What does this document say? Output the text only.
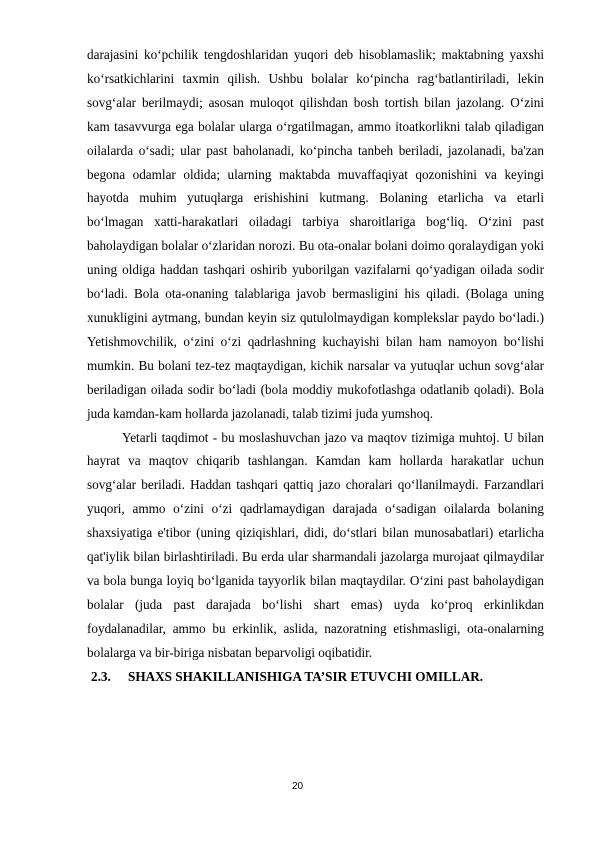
darajasini ko‘pchilik tengdoshlaridan yuqori deb hisoblamaslik; maktabning yaxshi ko‘rsatkichlarini taxmin qilish. Ushbu bolalar ko‘pincha rag‘batlantiriladi, lekin sovg‘alar berilmaydi; asosan muloqot qilishdan bosh tortish bilan jazolang. O‘zini kam tasavvurga ega bolalar ularga o‘rgatilmagan, ammo itoatkorlikni talab qiladigan oilalarda o‘sadi; ular past baholanadi, ko‘pincha tanbeh beriladi, jazolanadi, ba'zan begona odamlar oldida; ularning maktabda muvaffaqiyat qozonishini va keyingi hayotda muhim yutuqlarga erishishini kutmang. Bolaning etarlicha va etarli bo‘lmagan xatti-harakatlari oiladagi tarbiya sharoitlariga bog‘liq. O‘zini past baholaydigan bolalar o‘zlaridan norozi. Bu ota-onalar bolani doimo qoralaydigan yoki uning oldiga haddan tashqari oshirib yuborilgan vazifalarni qo‘yadigan oilada sodir bo‘ladi. Bola ota-onaning talablariga javob bermasligini his qiladi. (Bolaga uning xunukligini aytmang, bundan keyin siz qutulolmaydigan komplekslar paydo bo‘ladi.) Yetishmovchilik, o‘zini o‘zi qadrlashning kuchayishi bilan ham namoyon bo‘lishi mumkin. Bu bolani tez-tez maqtaydigan, kichik narsalar va yutuqlar uchun sovg‘alar beriladigan oilada sodir bo‘ladi (bola moddiy mukofotlashga odatlanib qoladi). Bola juda kamdan-kam hollarda jazolanadi, talab tizimi juda yumshoq.

Yetarli taqdimot - bu moslashuvchan jazo va maqtov tizimiga muhtoj. U bilan hayrat va maqtov chiqarib tashlangan. Kamdan kam hollarda harakatlar uchun sovg‘alar beriladi. Haddan tashqari qattiq jazo choralari qo‘llanilmaydi. Farzandlari yuqori, ammo o‘zini o‘zi qadrlamaydigan darajada o‘sadigan oilalarda bolaning shaxsiyatiga e'tibor (uning qiziqishlari, didi, do‘stlari bilan munosabatlari) etarlicha qat'iylik bilan birlashtiriladi. Bu erda ular sharmandali jazolarga murojaat qilmaydilar va bola bunga loyiq bo‘lganida tayyorlik bilan maqtaydilar. O‘zini past baholaydigan bolalar (juda past darajada bo‘lishi shart emas) uyda ko‘proq erkinlikdan foydalanadilar, ammo bu erkinlik, aslida, nazoratning etishmasligi, ota-onalarning bolalarga va bir-biriga nisbatan beparvoligi oqibatidir.

2.3. SHAXS SHAKILLANISHIGA TA’SIR ETUVCHI OMILLAR.
20
